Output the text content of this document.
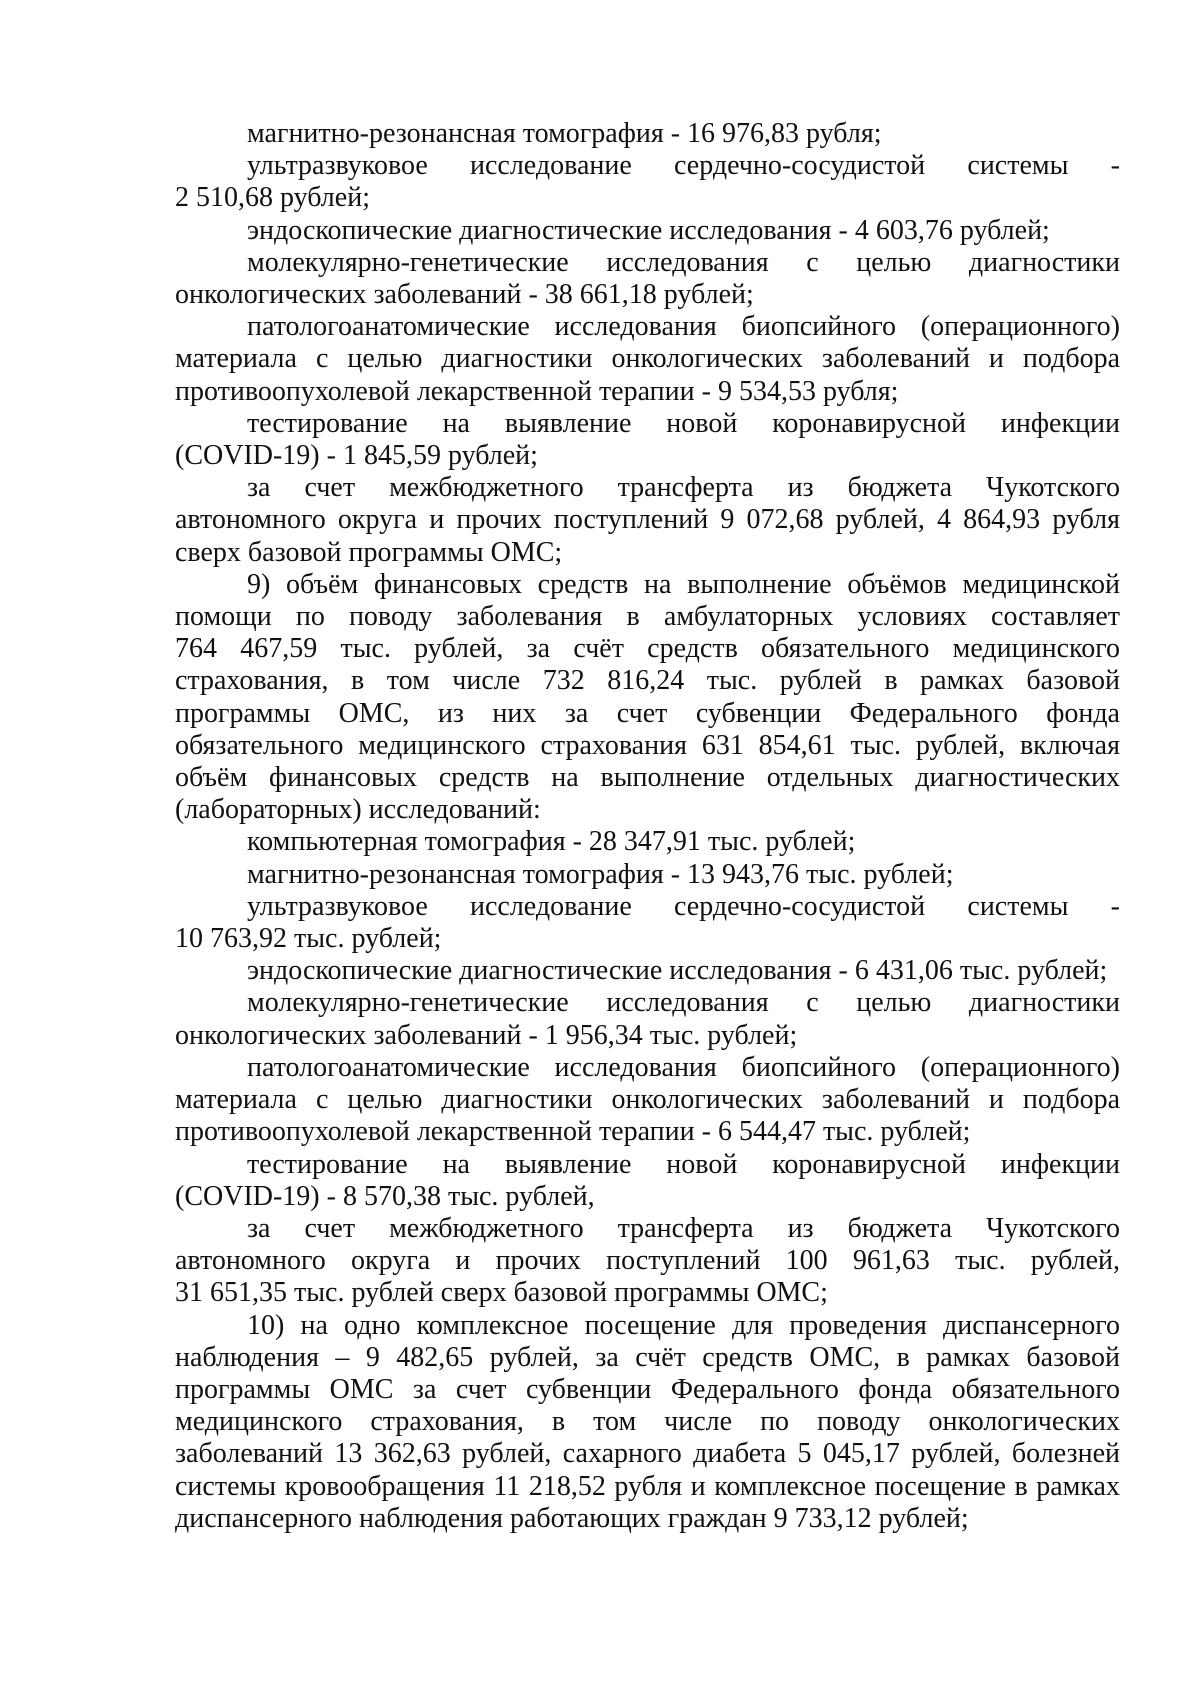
магнитно-резонансная томография - 16 976,83 рубля;
ультразвуковое исследование сердечно-сосудистой системы -
2 510,68 рублей;
эндоскопические диагностические исследования - 4 603,76 рублей;
молекулярно-генетические исследования с целью диагностики
онкологических заболеваний - 38 661,18 рублей;
патологоанатомические исследования биопсийного (операционного)
материала с целью диагностики онкологических заболеваний и подбора
противоопухолевой лекарственной терапии - 9 534,53 рубля;
тестирование на выявление новой коронавирусной инфекции
(COVID-19) - 1 845,59 рублей;
за счет межбюджетного трансферта из бюджета Чукотского
автономного округа и прочих поступлений 9 072,68 рублей, 4 864,93 рубля
сверх базовой программы ОМС;
9) объём финансовых средств на выполнение объёмов медицинской
помощи по поводу заболевания в амбулаторных условиях составляет
764 467,59 тыс. рублей, за счёт средств обязательного медицинского
страхования, в том числе 732 816,24 тыс. рублей в рамках базовой
программы ОМС, из них за счет субвенции Федерального фонда
обязательного медицинского страхования 631 854,61 тыс. рублей, включая
объём финансовых средств на выполнение отдельных диагностических
(лабораторных) исследований:
компьютерная томография - 28 347,91 тыс. рублей;
магнитно-резонансная томография - 13 943,76 тыс. рублей;
ультразвуковое исследование сердечно-сосудистой системы -
10 763,92 тыс. рублей;
эндоскопические диагностические исследования - 6 431,06 тыс. рублей;
молекулярно-генетические исследования с целью диагностики
онкологических заболеваний - 1 956,34 тыс. рублей;
патологоанатомические исследования биопсийного (операционного)
материала с целью диагностики онкологических заболеваний и подбора
противоопухолевой лекарственной терапии - 6 544,47 тыс. рублей;
тестирование на выявление новой коронавирусной инфекции
(COVID-19) - 8 570,38 тыс. рублей,
за счет межбюджетного трансферта из бюджета Чукотского
автономного округа и прочих поступлений 100 961,63 тыс. рублей,
31 651,35 тыс. рублей сверх базовой программы ОМС;
10) на одно комплексное посещение для проведения диспансерного
наблюдения – 9 482,65 рублей, за счёт средств ОМС, в рамках базовой
программы ОМС за счет субвенции Федерального фонда обязательного
медицинского страхования, в том числе по поводу онкологических
заболеваний 13 362,63 рублей, сахарного диабета 5 045,17 рублей, болезней
системы кровообращения 11 218,52 рубля и комплексное посещение в рамках
диспансерного наблюдения работающих граждан 9 733,12 рублей;
